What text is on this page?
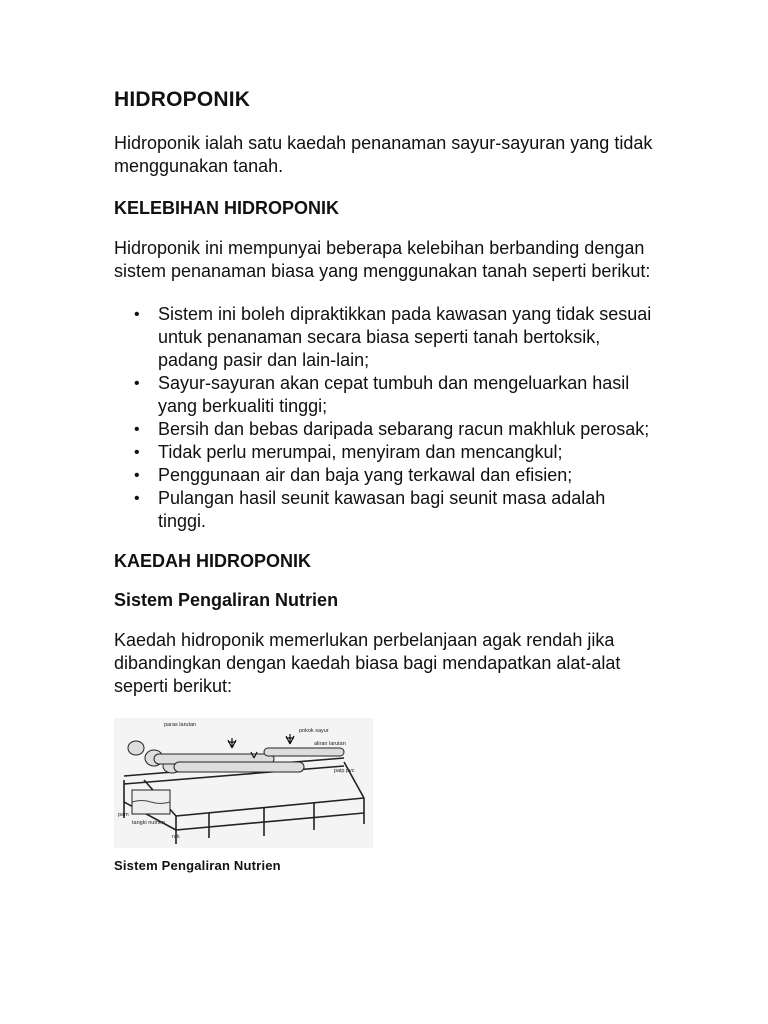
HIDROPONIK

Hidroponik ialah satu kaedah penanaman sayur-sayuran yang tidak menggunakan tanah.

KELEBIHAN HIDROPONIK

Hidroponik ini mempunyai beberapa kelebihan berbanding dengan sistem penanaman biasa yang menggunakan tanah seperti berikut:

• Sistem ini boleh dipraktikkan pada kawasan yang tidak sesuai untuk penanaman secara biasa seperti tanah bertoksik, padang pasir dan lain-lain;
• Sayur-sayuran akan cepat tumbuh dan mengeluarkan hasil yang berkualiti tinggi;
• Bersih dan bebas daripada sebarang racun makhluk perosak;
• Tidak perlu merumpai, menyiram dan mencangkul;
• Penggunaan air dan baja yang terkawal dan efisien;
• Pulangan hasil seunit kawasan bagi seunit masa adalah tinggi.
KAEDAH HIDROPONIK
Sistem Pengaliran Nutrien

Kaedah hidroponik memerlukan perbelanjaan agak rendah jika dibandingkan dengan kaedah biasa bagi mendapatkan alat-alat seperti berikut:

paras larutan
pokok sayur
aliran larutan
paip pvc
pam
tangki nutrien
rak
Sistem Pengaliran Nutrien
